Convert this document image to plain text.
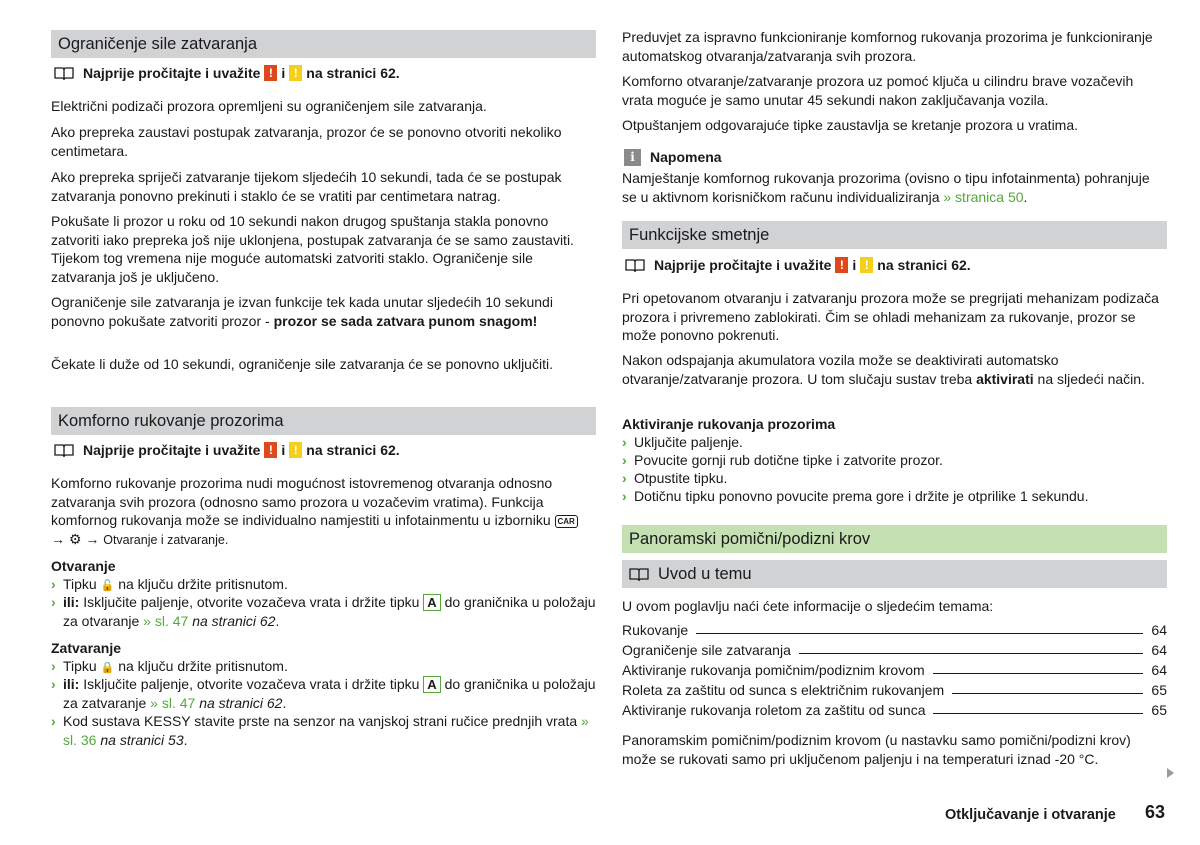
Ograničenje sile zatvaranja
Najprije pročitajte i uvažite ! i ! na stranici 62.

Električni podizači prozora opremljeni su ograničenjem sile zatvaranja.

Ako prepreka zaustavi postupak zatvaranja, prozor će se ponovno otvoriti nekoliko centimetara.

Ako prepreka spriječi zatvaranje tijekom sljedećih 10 sekundi, tada će se postupak zatvaranja ponovno prekinuti i staklo će se vratiti par centimetara natrag.

Pokušate li prozor u roku od 10 sekundi nakon drugog spuštanja stakla ponovno zatvoriti iako prepreka još nije uklonjena, postupak zatvaranja će se samo zaustaviti. Tijekom tog vremena nije moguće automatski zatvoriti staklo. Ograničenje sile zatvaranja još je uključeno.

Ograničenje sile zatvaranja je izvan funkcije tek kada unutar sljedećih 10 sekundi ponovno pokušate zatvoriti prozor - prozor se sada zatvara punom snagom!

Čekate li duže od 10 sekundi, ograničenje sile zatvaranja će se ponovno uključiti.

Komforno rukovanje prozorima
Najprije pročitajte i uvažite ! i ! na stranici 62.

Komforno rukovanje prozorima nudi mogućnost istovremenog otvaranja odnosno zatvaranja svih prozora (odnosno samo prozora u vozačevim vratima). Funkcija komfornog rukovanja može se individualno namjestiti u infotainmentu u izborniku CAR → ⚙ → Otvaranje i zatvaranje.

Otvaranje
› Tipku 🔓 na ključu držite pritisnutom.
› ili: Isključite paljenje, otvorite vozačeva vrata i držite tipku A do graničnika u položaju za otvaranje » sl. 47 na stranici 62.
Zatvaranje
› Tipku 🔒 na ključu držite pritisnutom.
› ili: Isključite paljenje, otvorite vozačeva vrata i držite tipku A do graničnika u položaju za zatvaranje » sl. 47 na stranici 62.
› Kod sustava KESSY stavite prste na senzor na vanjskoj strani ručice prednjih vrata » sl. 36 na stranici 53.

Preduvjet za ispravno funkcioniranje komfornog rukovanja prozorima je funkcioniranje automatskog otvaranja/zatvaranja svih prozora.

Komforno otvaranje/zatvaranje prozora uz pomoć ključa u cilindru brave vozačevih vrata moguće je samo unutar 45 sekundi nakon zaključavanja vozila.

Otpuštanjem odgovarajuće tipke zaustavlja se kretanje prozora u vratima.

i	Napomena

Namještanje komfornog rukovanja prozorima (ovisno o tipu infotainmenta) pohranjuje se u aktivnom korisničkom računu individualiziranja » stranica 50.

Funkcijske smetnje
Najprije pročitajte i uvažite ! i ! na stranici 62.

Pri opetovanom otvaranju i zatvaranju prozora može se pregrijati mehanizam podizača prozora i privremeno zablokirati. Čim se ohladi mehanizam za rukovanje, prozor se može ponovno pokrenuti.

Nakon odspajanja akumulatora vozila može se deaktivirati automatsko otvaranje/zatvaranje prozora. U tom slučaju sustav treba aktivirati na sljedeći način.

Aktiviranje rukovanja prozorima
› Uključite paljenje.
› Povucite gornji rub dotične tipke i zatvorite prozor.
› Otpustite tipku.
› Dotičnu tipku ponovno povucite prema gore i držite je otprilike 1 sekundu.
Panoramski pomični/podizni krov
Uvod u temu

U ovom poglavlju naći ćete informacije o sljedećim temama:

Rukovanje	64
Ograničenje sile zatvaranja	64
Aktiviranje rukovanja pomičnim/podiznim krovom	64
Roleta za zaštitu od sunca s električnim rukovanjem	65
Aktiviranje rukovanja roletom za zaštitu od sunca	65

Panoramskim pomičnim/podiznim krovom (u nastavku samo pomični/podizni krov) može se rukovati samo pri uključenom paljenju i na temperaturi iznad -20 °C.

Otključavanje i otvaranje 63
